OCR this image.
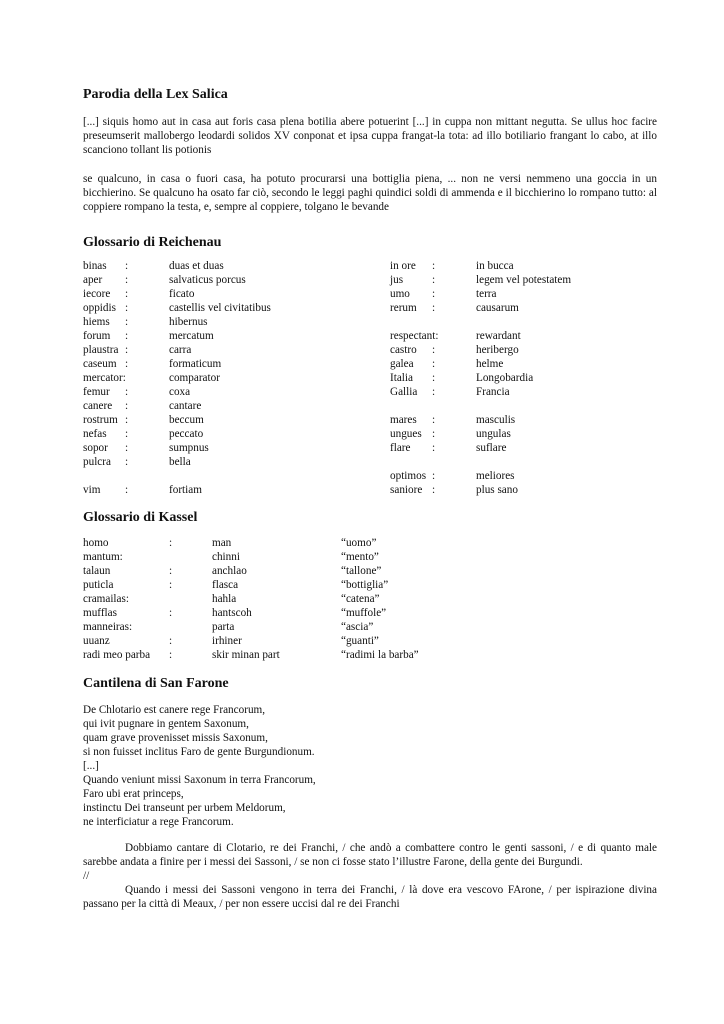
Parodia della Lex Salica

[...] siquis homo aut in casa aut foris casa plena botilia abere potuerint [...] in cuppa non mittant negutta. Se ullus hoc facire preseumserit mallobergo leodardi solidos XV conponat et ipsa cuppa frangat-la tota: ad illo botiliario frangant lo cabo, at illo scanciono tollant lis potionis

se qualcuno, in casa o fuori casa, ha potuto procurarsi una bottiglia piena, ... non ne versi nemmeno una goccia in un bicchierino. Se qualcuno ha osato far ciò, secondo le leggi paghi quindici soldi di ammenda e il bicchierino lo rompano tutto: al coppiere rompano la testa, e, sempre al coppiere, tolgano le bevande

Glossario di Reichenau
binas :	duas et duas
aper :	salvaticus porcus
iecore :	ficato
oppidis :	castellis vel civitatibus
hiems :	hibernus
forum :	mercatum
plaustra :	carra
caseum :	formaticum
mercator:	comparator
femur :	coxa
canere :	cantare
rostrum :	beccum
nefas :	peccato
sopor :	sumpnus
pulcra :	bella
vim :	fortiam
in ore :	in bucca
jus	:	legem vel potestatem
umo :	terra
rerum :	causarum
respectant:	rewardant
castro :	heribergo
galea :	helme
Italia :	Longobardia
Gallia :	Francia
mares :	masculis
ungues :	ungulas
flare :	suflare
optimos :	meliores
saniore :	plus sano
Glossario di Kassel
homo	:	man	“uomo”
mantum:	chinni	“mento”
talaun	:	anchlao	“tallone”
puticla	:	flasca	“bottiglia”
cramailas:	hahla	“catena”
mufflas	:	hantscoh	“muffole”
manneiras:	parta	“ascia”
uuanz	:	irhiner	“guanti”
radi meo parba :	skir minan part	“radimi la barba”
Cantilena di San Farone
De Chlotario est canere rege Francorum,
qui ivit pugnare in gentem Saxonum,
quam grave provenisset missis Saxonum,
si non fuisset inclitus Faro de gente Burgundionum.
[...]
Quando veniunt missi Saxonum in terra Francorum,
Faro ubi erat princeps,
instinctu Dei transeunt per urbem Meldorum,
ne interficiatur a rege Francorum.

Dobbiamo cantare di Clotario, re dei Franchi, / che andò a combattere contro le genti sassoni, / e di quanto male sarebbe andata a finire per i messi dei Sassoni, / se non ci fosse stato l’illustre Farone, della gente dei Burgundi.

//

Quando i messi dei Sassoni vengono in terra dei Franchi, / là dove era vescovo FArone, / per ispirazione divina passano per la città di Meaux, / per non essere uccisi dal re dei Franchi
